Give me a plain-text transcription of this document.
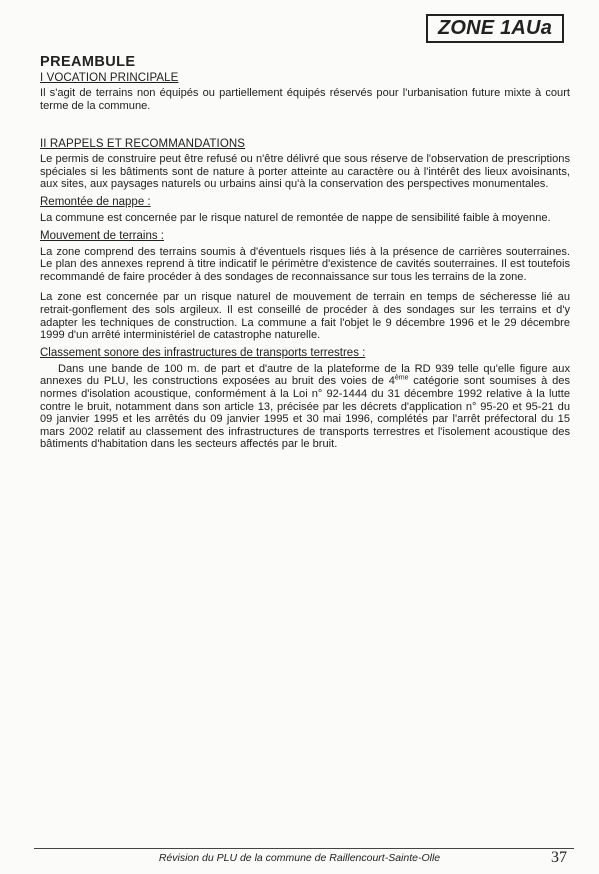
ZONE 1AUa
PREAMBULE
I VOCATION PRINCIPALE

Il s'agit de terrains non équipés ou partiellement équipés réservés pour l'urbanisation future mixte à court terme de la commune.

II RAPPELS ET RECOMMANDATIONS

Le permis de construire peut être refusé ou n'être délivré que sous réserve de l'observation de prescriptions spéciales si les bâtiments sont de nature à porter atteinte au caractère ou à l'intérêt des lieux avoisinants, aux sites, aux paysages naturels ou urbains ainsi qu'à la conservation des perspectives monumentales.

Remontée de nappe :

La commune est concernée par le risque naturel de remontée de nappe de sensibilité faible à moyenne.

Mouvement de terrains :

La zone comprend des terrains soumis à d'éventuels risques liés à la présence de carrières souterraines. Le plan des annexes reprend à titre indicatif le périmètre d'existence de cavités souterraines. Il est toutefois recommandé de faire procéder à des sondages de reconnaissance sur tous les terrains de la zone.

La zone est concernée par un risque naturel de mouvement de terrain en temps de sécheresse lié au retrait-gonflement des sols argileux. Il est conseillé de procéder à des sondages sur les terrains et d'y adapter les techniques de construction. La commune a fait l'objet le 9 décembre 1996 et le 29 décembre 1999 d'un arrêté interministériel de catastrophe naturelle.

Classement sonore des infrastructures de transports terrestres :

Dans une bande de 100 m. de part et d'autre de la plateforme de la RD 939 telle qu'elle figure aux annexes du PLU, les constructions exposées au bruit des voies de 4ème catégorie sont soumises à des normes d'isolation acoustique, conformément à la Loi n° 92-1444 du 31 décembre 1992 relative à la lutte contre le bruit, notamment dans son article 13, précisée par les décrets d'application n° 95-20 et 95-21 du 09 janvier 1995 et les arrêtés du 09 janvier 1995 et 30 mai 1996, complétés par l'arrêt préfectoral du 15 mars 2002 relatif au classement des infrastructures de transports terrestres et l'isolement acoustique des bâtiments d'habitation dans les secteurs affectés par le bruit.

Révision du PLU de la commune de Raillencourt-Sainte-Olle	37
